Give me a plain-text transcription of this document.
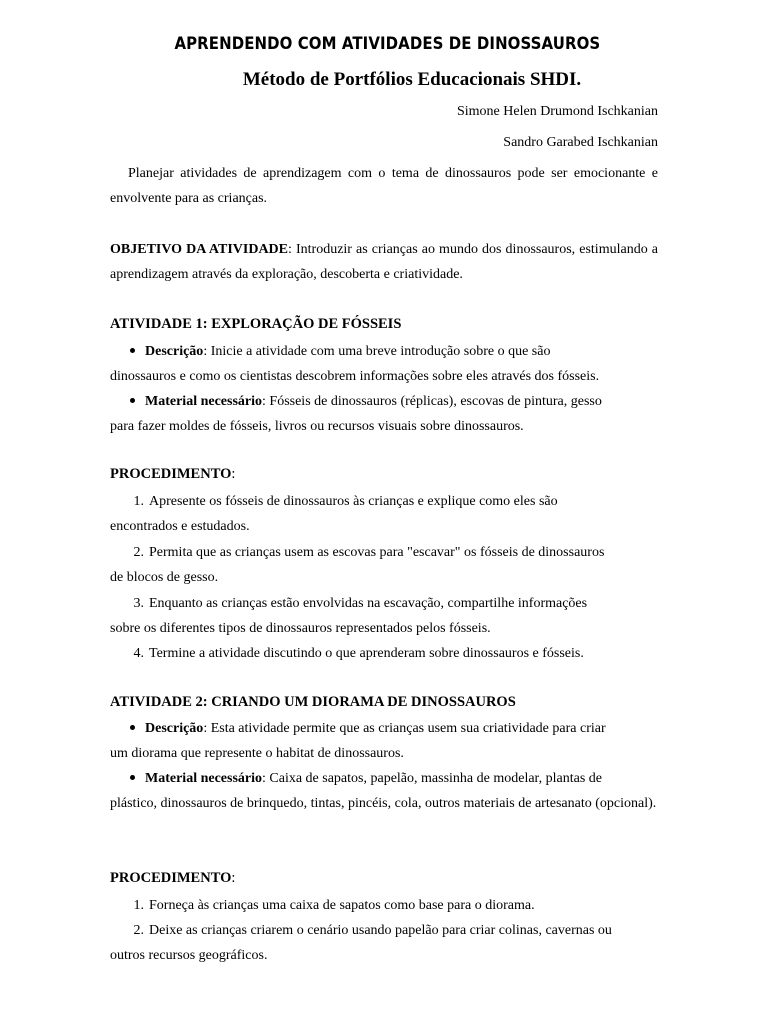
APRENDENDO COM ATIVIDADES DE DINOSSAUROS
Método de Portfólios Educacionais SHDI.
Simone Helen Drumond Ischkanian
Sandro Garabed Ischkanian
Planejar atividades de aprendizagem com o tema de dinossauros pode ser emocionante e envolvente para as crianças.
OBJETIVO DA ATIVIDADE: Introduzir as crianças ao mundo dos dinossauros, estimulando a aprendizagem através da exploração, descoberta e criatividade.
ATIVIDADE 1: EXPLORAÇÃO DE FÓSSEIS
Descrição: Inicie a atividade com uma breve introdução sobre o que são
dinossauros e como os cientistas descobrem informações sobre eles através dos fósseis.
Material necessário: Fósseis de dinossauros (réplicas), escovas de pintura, gesso
para fazer moldes de fósseis, livros ou recursos visuais sobre dinossauros.
PROCEDIMENTO:
1. Apresente os fósseis de dinossauros às crianças e explique como eles são
encontrados e estudados.
2. Permita que as crianças usem as escovas para "escavar" os fósseis de dinossauros
de blocos de gesso.
3. Enquanto as crianças estão envolvidas na escavação, compartilhe informações
sobre os diferentes tipos de dinossauros representados pelos fósseis.
4. Termine a atividade discutindo o que aprenderam sobre dinossauros e fósseis.
ATIVIDADE 2: CRIANDO UM DIORAMA DE DINOSSAUROS
Descrição: Esta atividade permite que as crianças usem sua criatividade para criar
um diorama que represente o habitat de dinossauros.
Material necessário: Caixa de sapatos, papelão, massinha de modelar, plantas de
plástico, dinossauros de brinquedo, tintas, pincéis, cola, outros materiais de artesanato (opcional).
PROCEDIMENTO:
1. Forneça às crianças uma caixa de sapatos como base para o diorama.
2. Deixe as crianças criarem o cenário usando papelão para criar colinas, cavernas ou
outros recursos geográficos.
